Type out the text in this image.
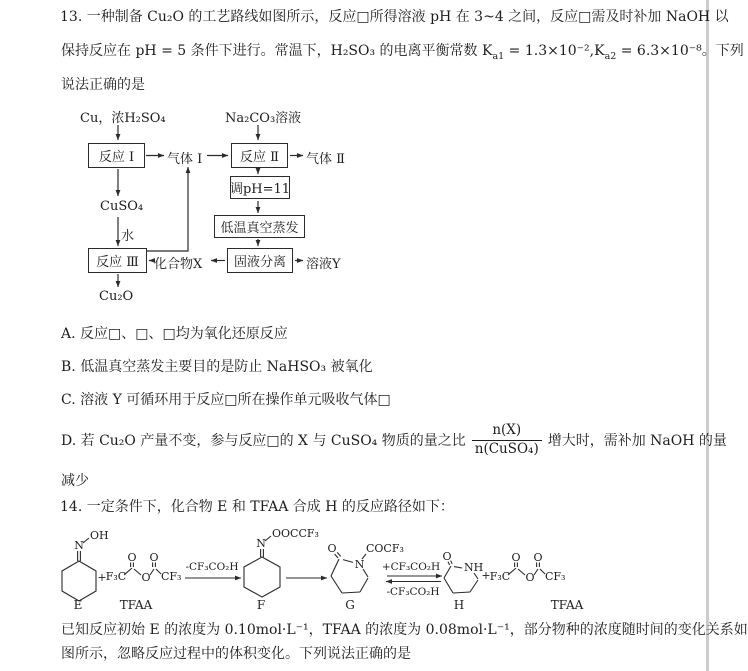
13. 一种制备 Cu₂O 的工艺路线如图所示，反应□所得溶液 pH 在 3~4 之间，反应□需及时补加 NaOH 以
保持反应在 pH = 5 条件下进行。常温下，H₂SO₃ 的电离平衡常数 $K_{a1} = 1.3\times 10^{-2},K_{a2} = 6.3\times 10^{-8}$。下列
说法正确的是
Cu，浓H₂SO₄	Na₂CO₃溶液
反应 Ⅰ	气体 Ⅰ	反应 Ⅱ	气体 Ⅱ
调pH=11
CuSO₄
低温真空蒸发
水
反应 Ⅲ	化合物X	固液分离	溶液Y
Cu₂O
A. 反应□、□、□均为氧化还原反应
B. 低温真空蒸发主要目的是防止 NaHSO₃ 被氧化
C. 溶液 Y 可循环用于反应□所在操作单元吸收气体□
D. 若 Cu₂O 产量不变，参与反应□的 X 与 CuSO₄ 物质的量之比 $\frac{n(X)}{\text{n(CuSO₄)}}$ 增大时，需补加 NaOH 的量
减少
14. 一定条件下，化合物 E 和 TFAA 合成 H 的反应路径如下：
N
OH
E
+ F₃C
O
O
O
CF₃
TFAA
-CF₃CO₂H
N
OOCCF₃
F
O
N
COCF₃
G
+CF₃CO₂H
-CF₃CO₂H
O
NH
H
+ F₃C
O
O
O
CF₃
TFAA
已知反应初始 E 的浓度为 0.10mol·L⁻¹，TFAA 的浓度为 0.08mol·L⁻¹，部分物种的浓度随时间的变化关系如
图所示，忽略反应过程中的体积变化。下列说法正确的是
